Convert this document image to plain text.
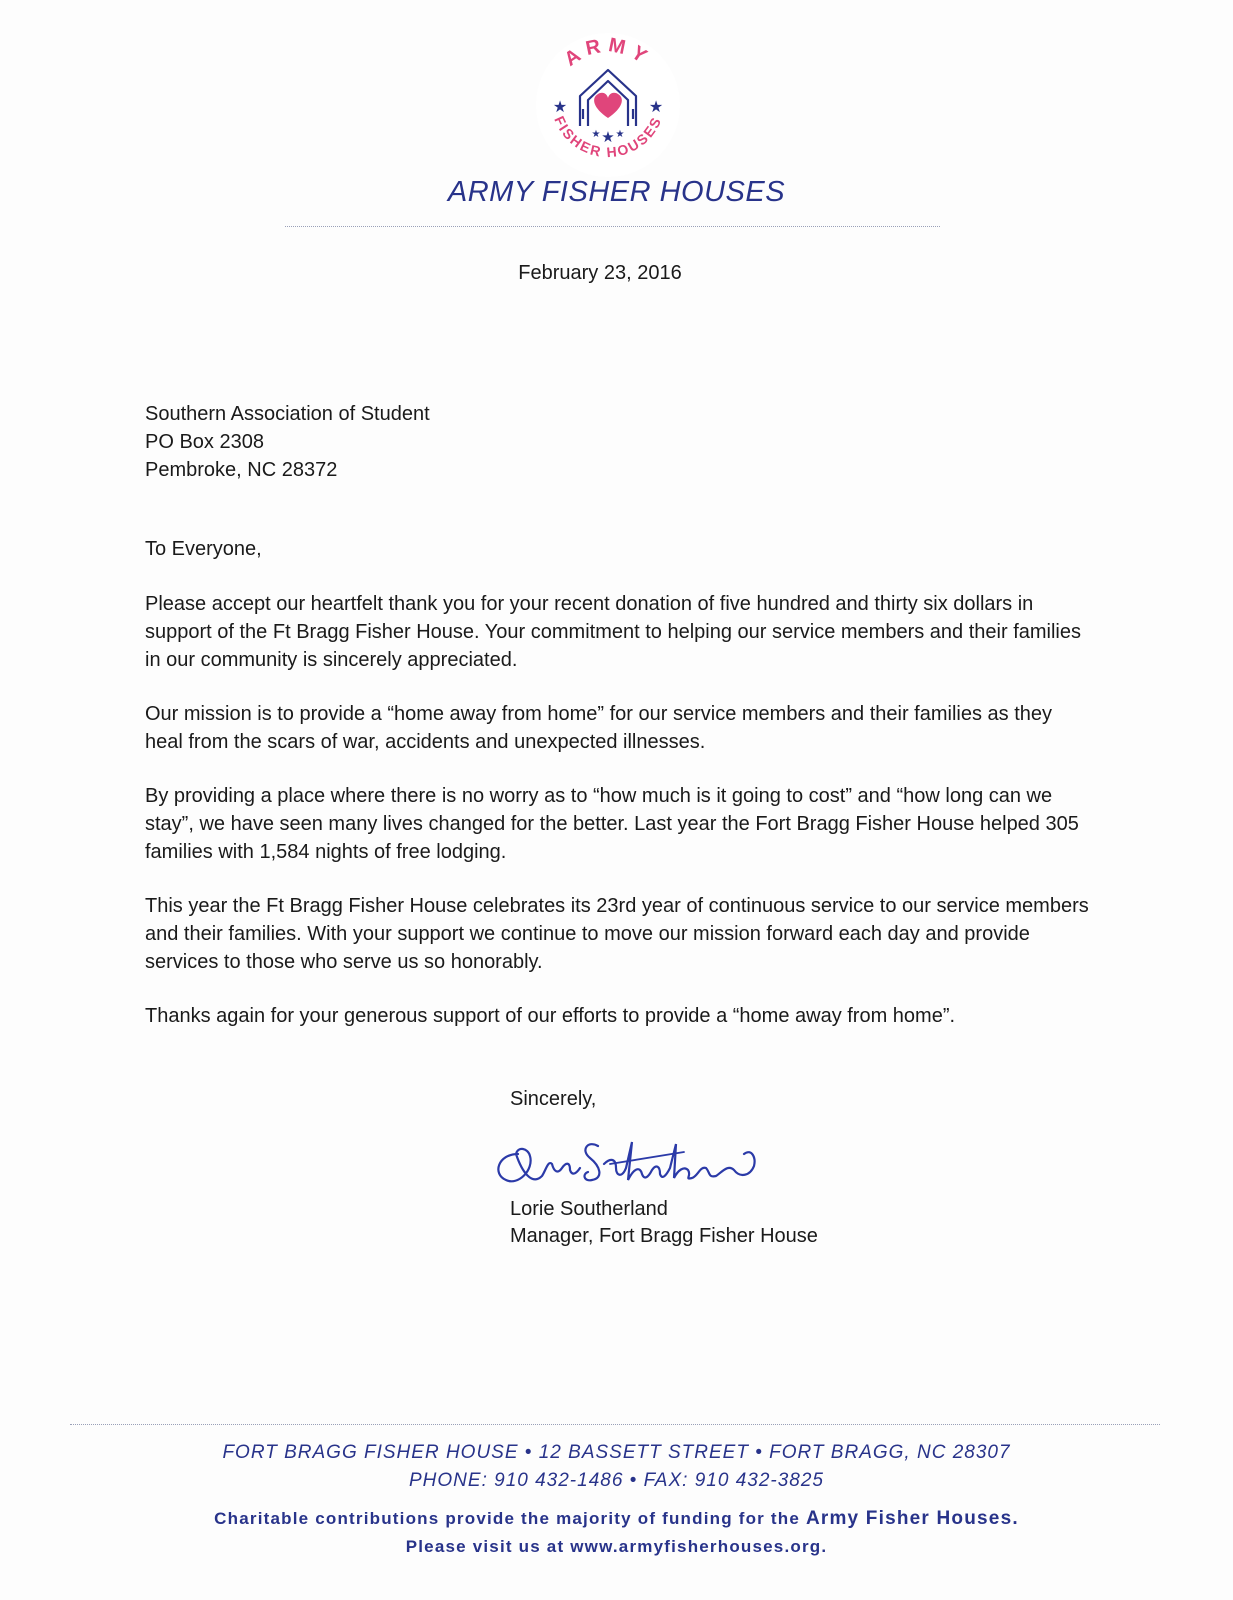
ARMY
FISHER HOUSES
★	★
★
★ ★
ARMY FISHER HOUSES
February 23, 2016
Southern Association of Student
PO Box 2308
Pembroke, NC 28372
To Everyone,

Please accept our heartfelt thank you for your recent donation of five hundred and thirty six dollars in support of the Ft Bragg Fisher House. Your commitment to helping our service members and their families in our community is sincerely appreciated.

Our mission is to provide a “home away from home” for our service members and their families as they heal from the scars of war, accidents and unexpected illnesses.

By providing a place where there is no worry as to “how much is it going to cost” and “how long can we stay”, we have seen many lives changed for the better. Last year the Fort Bragg Fisher House helped 305 families with 1,584 nights of free lodging.

This year the Ft Bragg Fisher House celebrates its 23rd year of continuous service to our service members and their families. With your support we continue to move our mission forward each day and provide services to those who serve us so honorably.

Thanks again for your generous support of our efforts to provide a “home away from home”.

Sincerely,
Lorie Southerland
Manager, Fort Bragg Fisher House
FORT BRAGG FISHER HOUSE • 12 BASSETT STREET • FORT BRAGG, NC 28307
PHONE: 910 432-1486 • FAX: 910 432-3825
Charitable contributions provide the majority of funding for the Army Fisher Houses.
Please visit us at www.armyfisherhouses.org.
